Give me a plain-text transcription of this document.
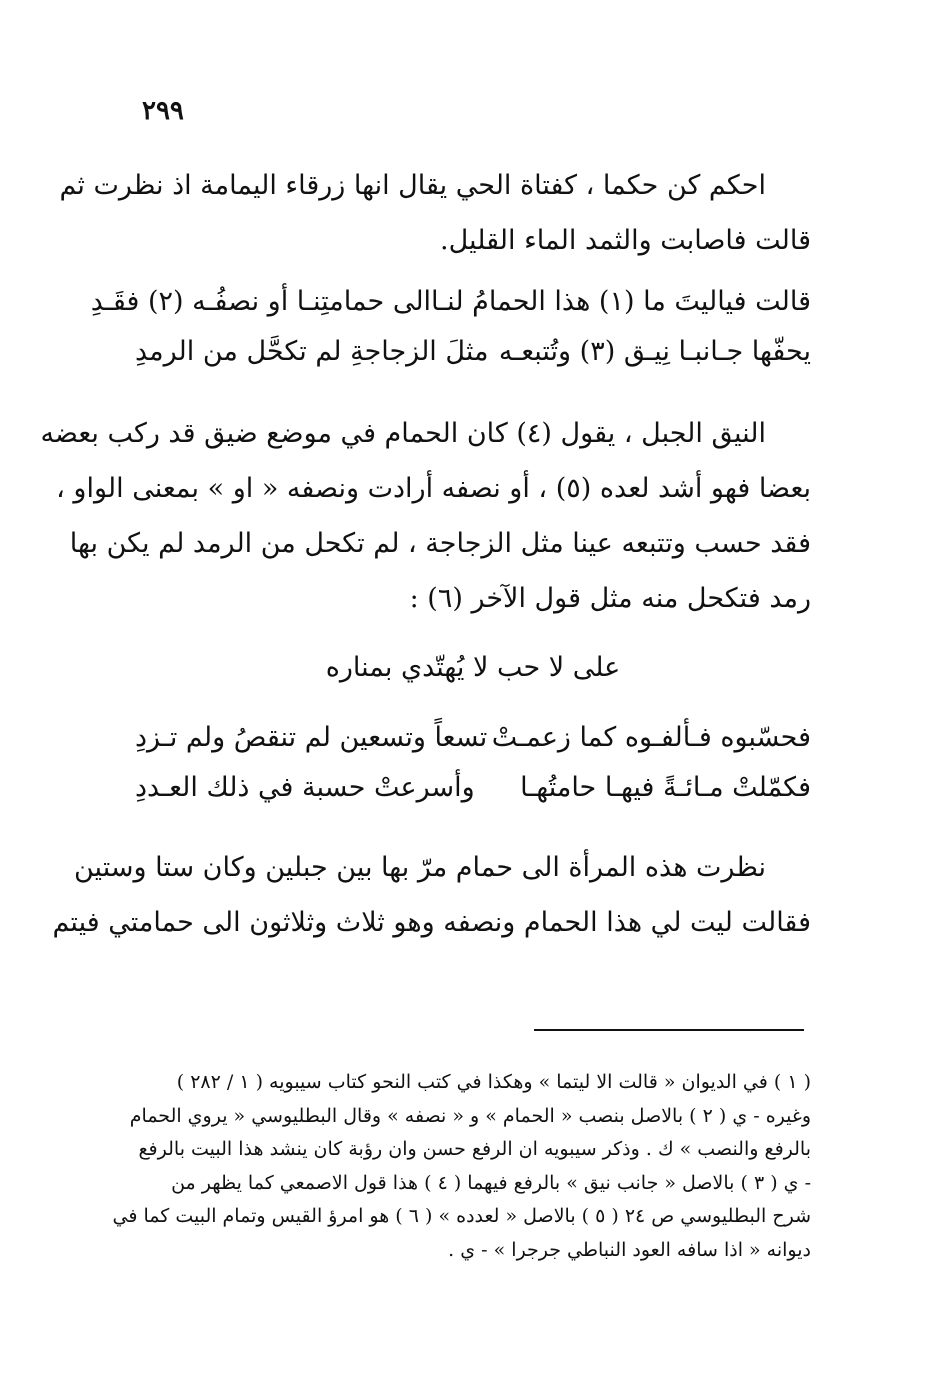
٢٩٩
احكم كن حكما ، كفتاة الحي يقال انها زرقاء اليمامة اذ نظرت ثم
قالت فاصابت والثمد الماء القليل.
قالت فياليتَ ما (١) هذا الحمامُ لنـا
الى حمامتِنـا أو نصفُـه (٢) فقَـدِ
يحفّها جـانبـا نِيـق (٣) وتُتبعـه
مثلَ الزجاجةِ لم تكحَّل من الرمدِ
النيق الجبل ، يقول (٤) كان الحمام في موضع ضيق قد ركب بعضه
بعضا فهو أشد لعده (٥) ، أو نصفه أرادت ونصفه « او » بمعنى الواو ،
فقد حسب وتتبعه عينا مثل الزجاجة ، لم تكحل من الرمد لم يكن بها
رمد فتكحل منه مثل قول الآخر (٦) :
على لا حب لا يُهتّدي بمناره
فحسّبوه فـألفـوه كما زعمـتْ
تسعاً وتسعين لم تنقصُ ولم تـزدِ
فكمّلتْ مـائـةً فيهـا حامتُهـا
وأسرعتْ حسبة في ذلك العـددِ
نظرت هذه المرأة الى حمام مرّ بها بين جبلين وكان ستا وستين
فقالت ليت لي هذا الحمام ونصفه وهو ثلاث وثلاثون الى حمامتي فيتم
( ١ ) في الديوان « قالت الا ليتما » وهكذا في كتب النحو كتاب سيبويه ( ١ / ٢٨٢ )
وغيره - ي ( ٢ ) بالاصل بنصب « الحمام » و « نصفه » وقال البطليوسي « يروي الحمام
بالرفع والنصب » ك . وذكر سيبويه ان الرفع حسن وان رؤبة كان ينشد هذا البيت بالرفع
- ي ( ٣ ) بالاصل « جانب نيق » بالرفع فيهما ( ٤ ) هذا قول الاصمعي كما يظهر من
شرح البطليوسي ص ٢٤ ( ٥ ) بالاصل « لعدده » ( ٦ ) هو امرؤ القيس وتمام البيت كما في
ديوانه « اذا سافه العود النباطي جرجرا » - ي .
